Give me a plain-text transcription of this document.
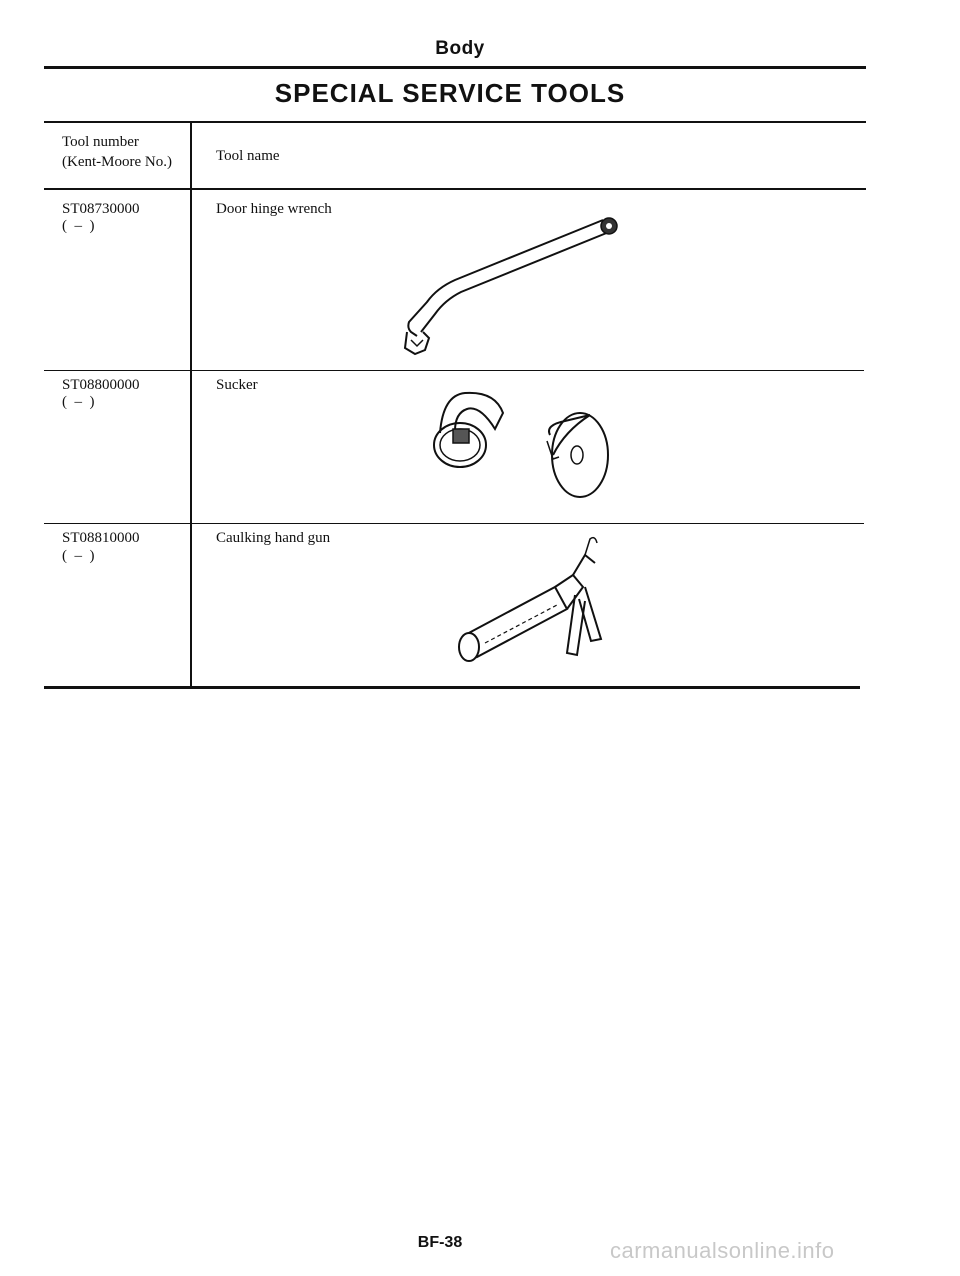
Body
SPECIAL SERVICE TOOLS
Tool number
(Kent-Moore No.)	Tool name
ST08730000
(  –  )
Door hinge wrench
ST08800000
(  –  )
Sucker
ST08810000
(  –  )
Caulking hand gun
BF-38	carmanualsonline.info
